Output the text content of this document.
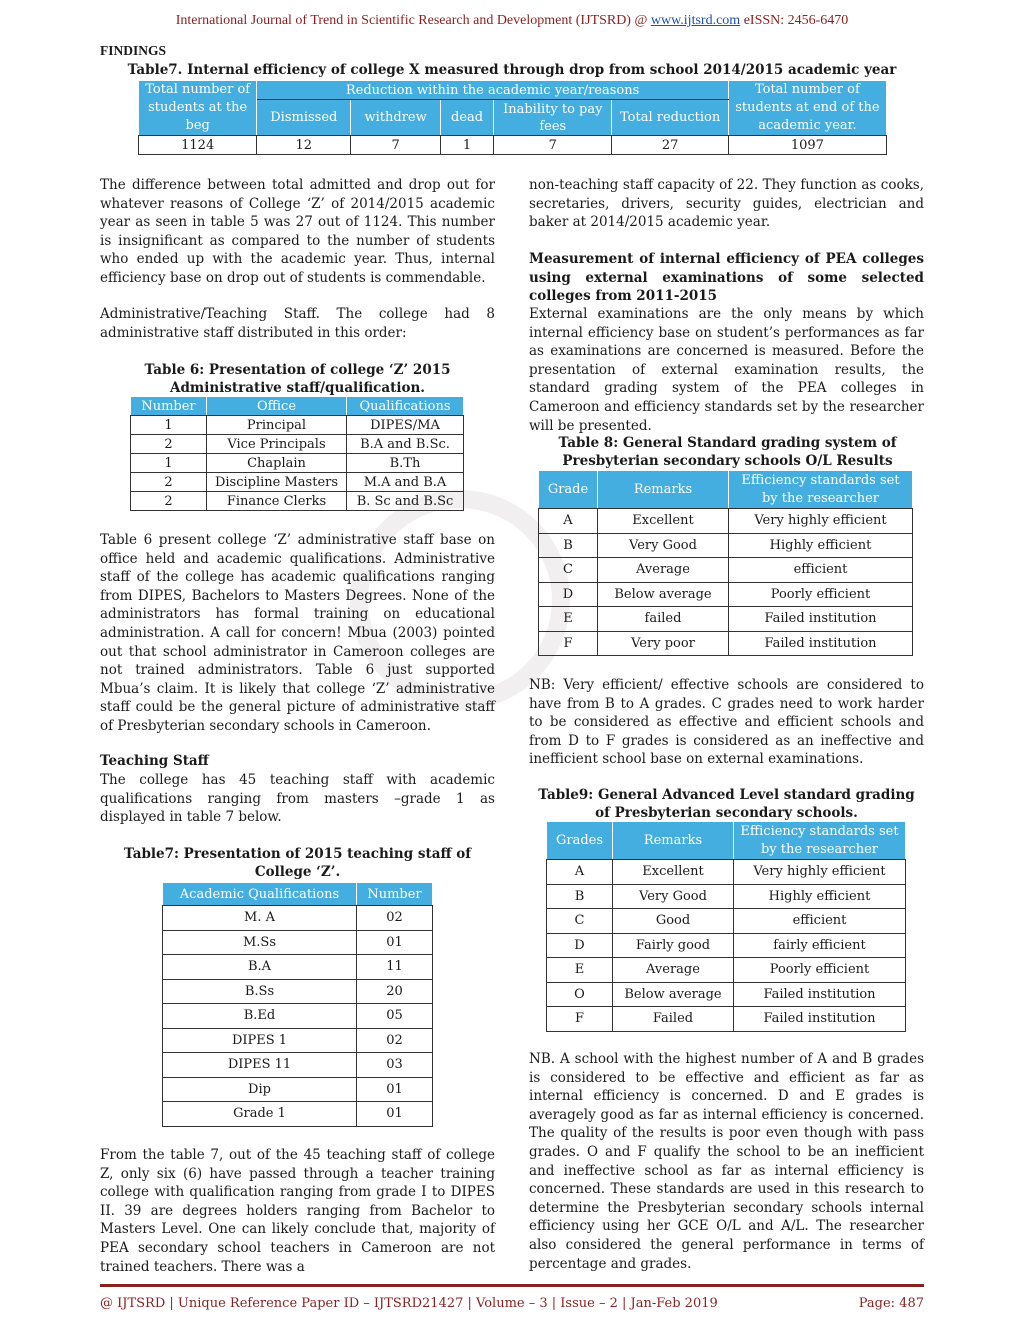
International Journal of Trend in Scientific Research and Development (IJTSRD) @ www.ijtsrd.com eISSN: 2456-6470
FINDINGS
Table7. Internal efficiency of college X measured through drop from school 2014/2015 academic year
Total number of students at the beg	Reduction within the academic year/reasons					Total number of students at end of the academic year.
	Dismissed	withdrew	dead	Inability to pay fees	Total reduction	

1124	12	7	1	7	27	1097
The difference between total admitted and drop out for whatever reasons of College ‘Z’ of 2014/2015 academic year as seen in table 5 was 27 out of 1124. This number is insignificant as compared to the number of students who ended up with the academic year. Thus, internal efficiency base on drop out of students is commendable.
Administrative/Teaching Staff. The college had 8 administrative staff distributed in this order:
Table 6: Presentation of college ‘Z’ 2015 Administrative staff/qualification.
Number	Office	Qualifications
1	Principal	DIPES/MA
2	Vice Principals	B.A and B.Sc.
1	Chaplain	B.Th
2	Discipline Masters	M.A and B.A
2	Finance Clerks	B. Sc and B.Sc
Table 6 present college ‘Z’ administrative staff base on office held and academic qualifications. Administrative staff of the college has academic qualifications ranging from DIPES, Bachelors to Masters Degrees. None of the administrators has formal training on educational administration. A call for concern! Mbua (2003) pointed out that school administrator in Cameroon colleges are not trained administrators. Table 6 just supported Mbua’s claim. It is likely that college ‘Z’ administrative staff could be the general picture of administrative staff of Presbyterian secondary schools in Cameroon.
Teaching Staff
The college has 45 teaching staff with academic qualifications ranging from masters –grade 1 as displayed in table 7 below.
Table7: Presentation of 2015 teaching staff of College ‘Z’.
Academic Qualifications	Number
M. A	02
M.Ss	01
B.A	11
B.Ss	20
B.Ed	05
DIPES 1	02
DIPES 11	03
Dip	01
Grade 1	01
From the table 7, out of the 45 teaching staff of college Z, only six (6) have passed through a teacher training college with qualification ranging from grade I to DIPES II. 39 are degrees holders ranging from Bachelor to Masters Level. One can likely conclude that, majority of PEA secondary school teachers in Cameroon are not trained teachers. There was a
non-teaching staff capacity of 22. They function as cooks, secretaries, drivers, security guides, electrician and baker at 2014/2015 academic year.
Measurement of internal efficiency of PEA colleges using external examinations of some selected colleges from 2011-2015
External examinations are the only means by which internal efficiency base on student’s performances as far as examinations are concerned is measured. Before the presentation of external examination results, the standard grading system of the PEA colleges in Cameroon and efficiency standards set by the researcher will be presented.
Table 8: General Standard grading system of Presbyterian secondary schools O/L Results
Grade	Remarks	Efficiency standards set by the researcher
A	Excellent	Very highly efficient
B	Very Good	Highly efficient
C	Average	efficient
D	Below average	Poorly efficient
E	failed	Failed institution
F	Very poor	Failed institution
NB: Very efficient/ effective schools are considered to have from B to A grades. C grades need to work harder to be considered as effective and efficient schools and from D to F grades is considered as an ineffective and inefficient school base on external examinations.
Table9: General Advanced Level standard grading of Presbyterian secondary schools.
Grades	Remarks	Efficiency standards set by the researcher
A	Excellent	Very highly efficient
B	Very Good	Highly efficient
C	Good	efficient
D	Fairly good	fairly efficient
E	Average	Poorly efficient
O	Below average	Failed institution
F	Failed	Failed institution
NB. A school with the highest number of A and B grades is considered to be effective and efficient as far as internal efficiency is concerned. D and E grades is averagely good as far as internal efficiency is concerned. The quality of the results is poor even though with pass grades. O and F qualify the school to be an inefficient and ineffective school as far as internal efficiency is concerned. These standards are used in this research to determine the Presbyterian secondary schools internal efficiency using her GCE O/L and A/L. The researcher also considered the general performance in terms of percentage and grades.
@ IJTSRD | Unique Reference Paper ID – IJTSRD21427 | Volume – 3 | Issue – 2 | Jan-Feb 2019	Page: 487
